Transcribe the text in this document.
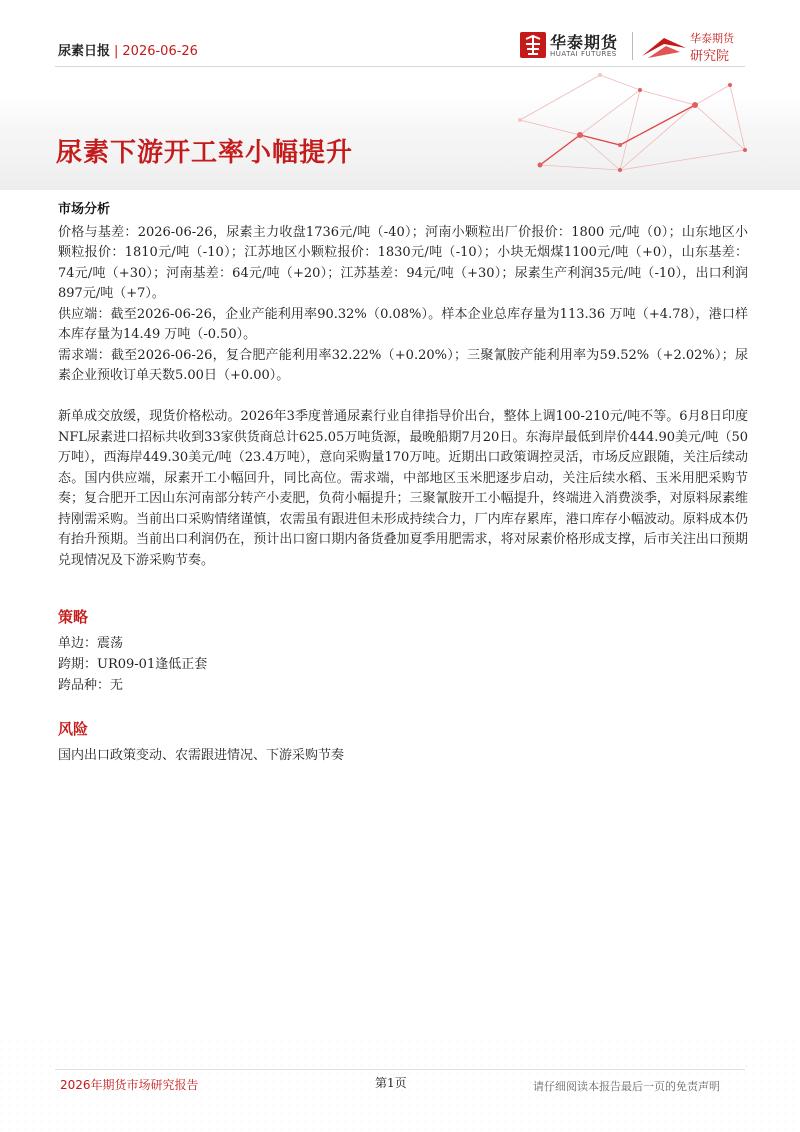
尿素日报 | 2026-06-26	华泰期货
HUATAI FUTURES
华泰期货
研究院
尿素下游开工率小幅提升
市场分析
价格与基差：2026-06-26，尿素主力收盘1736元/吨（-40）；河南小颗粒出厂价报价：1800 元/吨（0）；山东地区小颗粒报价：1810元/吨（-10）；江苏地区小颗粒报价：1830元/吨（-10）；小块无烟煤1100元/吨（+0），山东基差：74元/吨（+30）；河南基差：64元/吨（+20）；江苏基差：94元/吨（+30）；尿素生产利润35元/吨（-10），出口利润897元/吨（+7）。
供应端：截至2026-06-26，企业产能利用率90.32%（0.08%）。样本企业总库存量为113.36 万吨（+4.78），港口样本库存量为14.49 万吨（-0.50）。
需求端：截至2026-06-26，复合肥产能利用率32.22%（+0.20%）；三聚氰胺产能利用率为59.52%（+2.02%）；尿素企业预收订单天数5.00日（+0.00）。
新单成交放缓，现货价格松动。2026年3季度普通尿素行业自律指导价出台，整体上调100-210元/吨不等。6月8日印度NFL尿素进口招标共收到33家供货商总计625.05万吨货源，最晚船期7月20日。东海岸最低到岸价444.90美元/吨（50万吨），西海岸449.30美元/吨（23.4万吨），意向采购量170万吨。近期出口政策调控灵活，市场反应跟随，关注后续动态。国内供应端，尿素开工小幅回升，同比高位。需求端，中部地区玉米肥逐步启动，关注后续水稻、玉米用肥采购节奏；复合肥开工因山东河南部分转产小麦肥，负荷小幅提升；三聚氰胺开工小幅提升，终端进入消费淡季，对原料尿素维持刚需采购。当前出口采购情绪谨慎，农需虽有跟进但未形成持续合力，厂内库存累库，港口库存小幅波动。原料成本仍有抬升预期。当前出口利润仍在，预计出口窗口期内备货叠加夏季用肥需求，将对尿素价格形成支撑，后市关注出口预期兑现情况及下游采购节奏。
策略
单边：震荡
跨期：UR09-01逢低正套
跨品种：无
风险
国内出口政策变动、农需跟进情况、下游采购节奏
2026年期货市场研究报告	第1页	请仔细阅读本报告最后一页的免责声明
